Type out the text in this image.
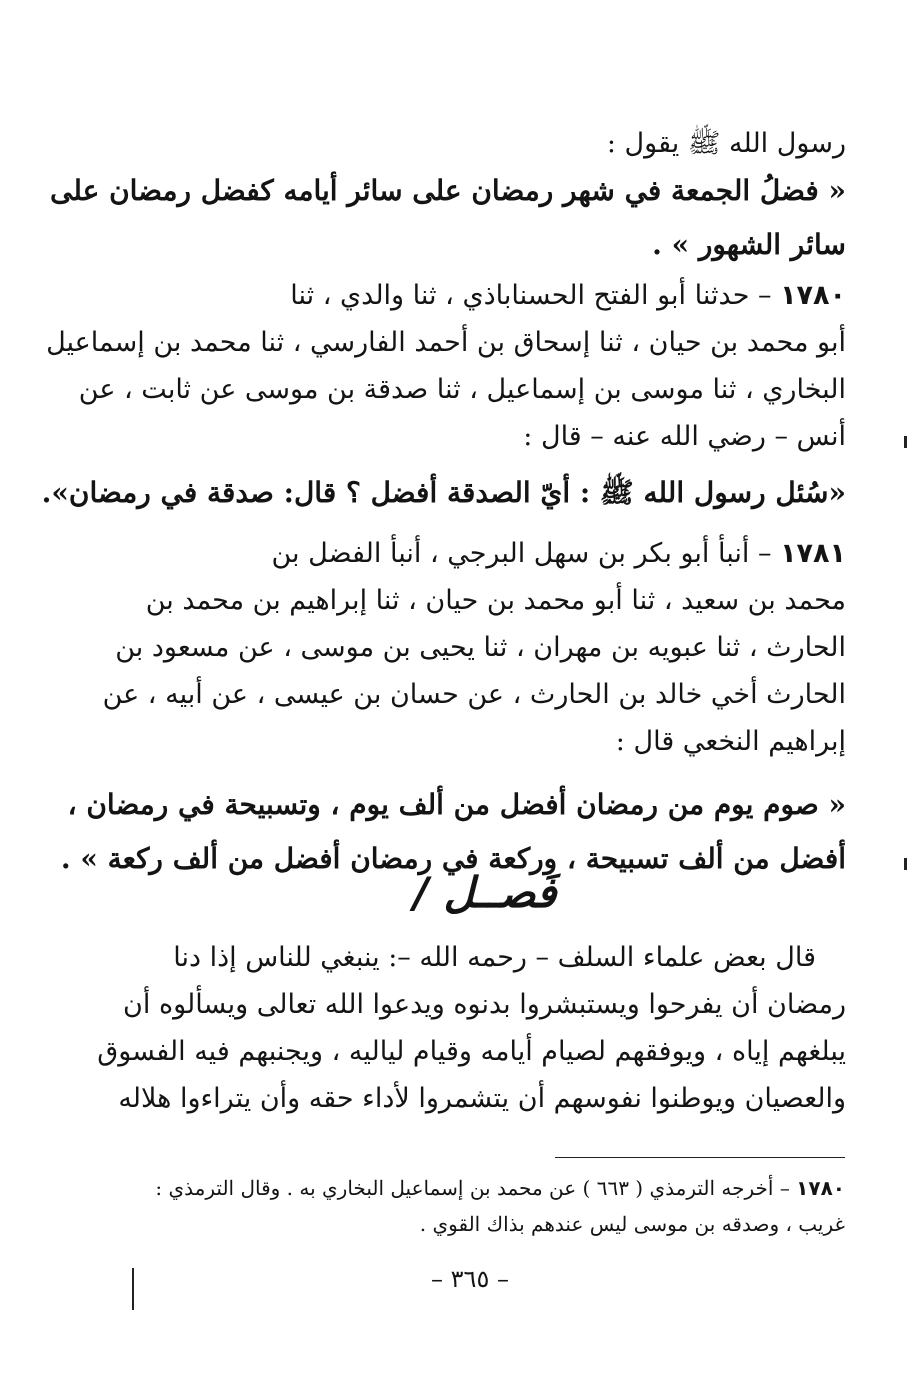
رسول الله ﷺ يقول :
« فضلُ الجمعة في شهر رمضان على سائر أيامه كفضل رمضان على
سائر الشهور » .
١٧٨٠ – حدثنا أبو الفتح الحسناباذي ، ثنا والدي ، ثنا
أبو محمد بن حيان ، ثنا إسحاق بن أحمد الفارسي ، ثنا محمد بن إسماعيل
البخاري ، ثنا موسى بن إسماعيل ، ثنا صدقة بن موسى عن ثابت ، عن
أنس – رضي الله عنه – قال :
«سُئل رسول الله ﷺ : أيّ الصدقة أفضل ؟ قال: صدقة في رمضان».
١٧٨١ – أنبأ أبو بكر بن سهل البرجي ، أنبأ الفضل بن
محمد بن سعيد ، ثنا أبو محمد بن حيان ، ثنا إبراهيم بن محمد بن
الحارث ، ثنا عبويه بن مهران ، ثنا يحيى بن موسى ، عن مسعود بن
الحارث أخي خالد بن الحارث ، عن حسان بن عيسى ، عن أبيه ، عن
إبراهيم النخعي قال :
« صوم يوم من رمضان أفضل من ألف يوم ، وتسبيحة في رمضان ،
أفضل من ألف تسبيحة ، وركعة في رمضان أفضل من ألف ركعة » .
فَصــل /
قال بعض علماء السلف – رحمه الله –: ينبغي للناس إذا دنا
رمضان أن يفرحوا ويستبشروا بدنوه ويدعوا الله تعالى ويسألوه أن
يبلغهم إياه ، ويوفقهم لصيام أيامه وقيام لياليه ، ويجنبهم فيه الفسوق
والعصيان ويوطنوا نفوسهم أن يتشمروا لأداء حقه وأن يتراءوا هلاله
١٧٨٠ – أخرجه الترمذي ( ٦٦٣ ) عن محمد بن إسماعيل البخاري به . وقال الترمذي :
غريب ، وصدقه بن موسى ليس عندهم بذاك القوي .
– ٣٦٥ –
